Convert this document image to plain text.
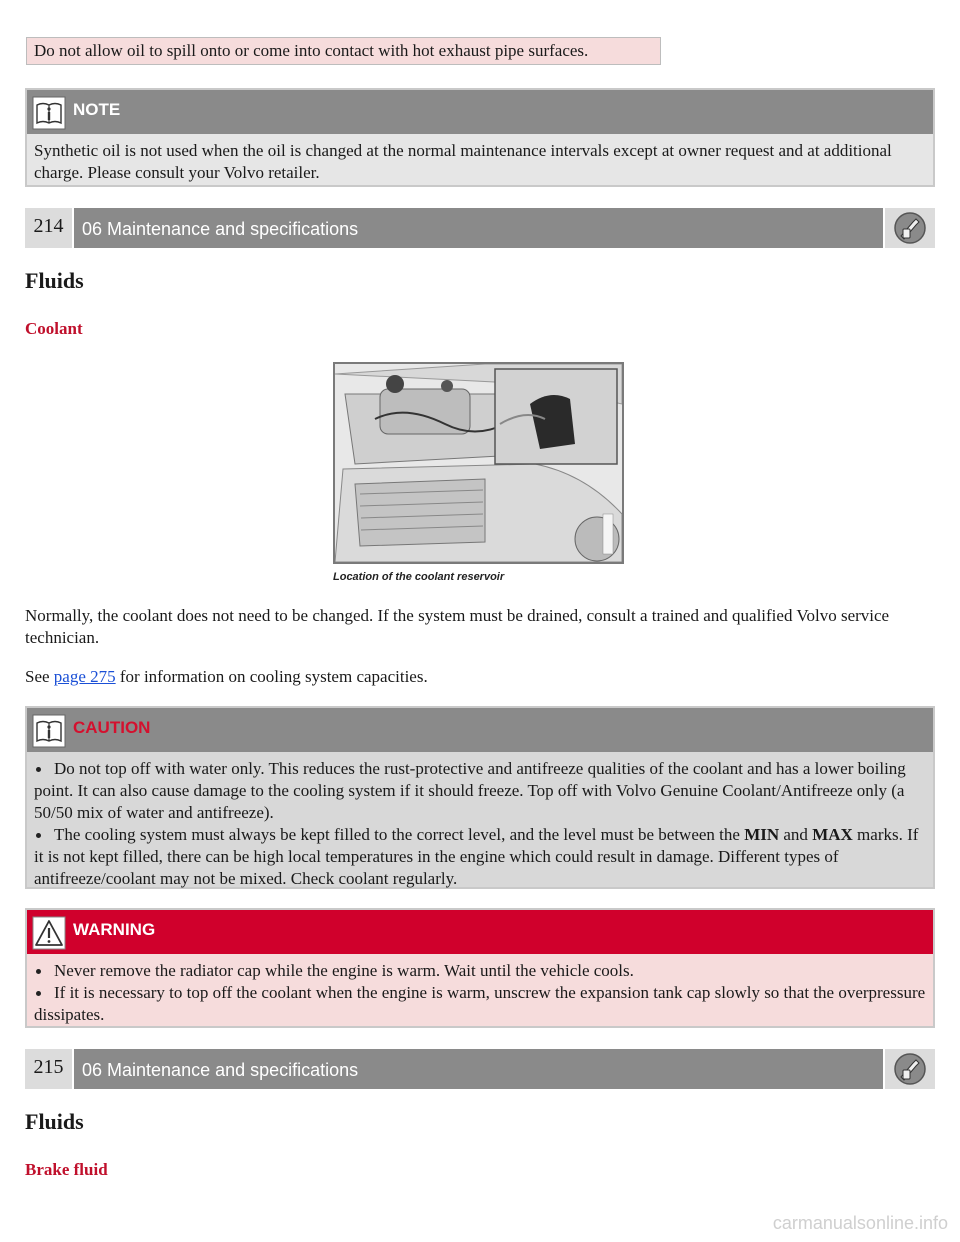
Do not allow oil to spill onto or come into contact with hot exhaust pipe surfaces.
NOTE
Synthetic oil is not used when the oil is changed at the normal maintenance intervals except at owner request and at additional charge. Please consult your Volvo retailer.
214	06 Maintenance and specifications
Fluids
Coolant
Location of the coolant reservoir
Normally, the coolant does not need to be changed. If the system must be drained, consult a trained and qualified Volvo service technician.
See page 275 for information on cooling system capacities.
CAUTION
Do not top off with water only. This reduces the rust-protective and antifreeze qualities of the coolant and has a lower boiling point. It can also cause damage to the cooling system if it should freeze. Top off with Volvo Genuine Coolant/Antifreeze only (a 50/50 mix of water and antifreeze).
The cooling system must always be kept filled to the correct level, and the level must be between the MIN and MAX marks. If it is not kept filled, there can be high local temperatures in the engine which could result in damage. Different types of antifreeze/coolant may not be mixed. Check coolant regularly.
WARNING
Never remove the radiator cap while the engine is warm. Wait until the vehicle cools.
If it is necessary to top off the coolant when the engine is warm, unscrew the expansion tank cap slowly so that the overpressure dissipates.
215	06 Maintenance and specifications
Fluids
Brake fluid
carmanualsonline.info
